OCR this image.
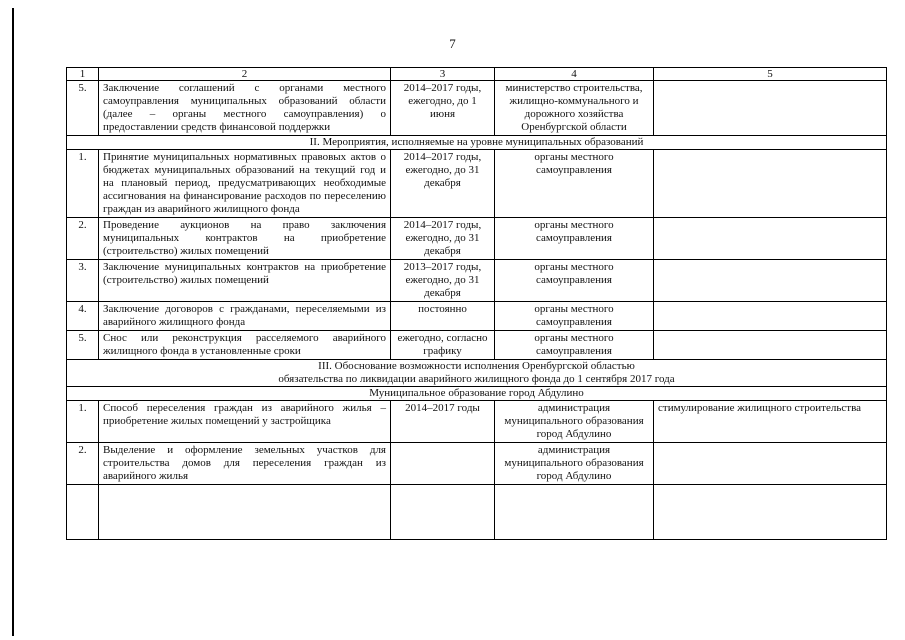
7
1	2	3	4	5
5.	Заключение соглашений с органами местного самоуправления муниципальных образований области (далее – органы местного самоуправления) о предоставлении средств финансовой поддержки	2014–2017 годы, ежегодно, до 1 июня	министерство строительства, жилищно-коммунального и дорожного хозяйства Оренбургской области	

II. Мероприятия, исполняемые на уровне муниципальных образований				

1.	Принятие муниципальных нормативных правовых актов о бюджетах муниципальных образований на текущий год и на плановый период, предусматривающих необходимые ассигнования на финансирование расходов по переселению граждан из аварийного жилищного фонда	2014–2017 годы, ежегодно, до 31 декабря	органы местного самоуправления	
2.	Проведение аукционов на право заключения муниципальных контрактов на приобретение (строительство) жилых помещений	2014–2017 годы, ежегодно, до 31 декабря	органы местного самоуправления	
3.	Заключение муниципальных контрактов на приобретение (строительство) жилых помещений	2013–2017 годы, ежегодно, до 31 декабря	органы местного самоуправления	
4.	Заключение договоров с гражданами, переселяемыми из аварийного жилищного фонда	постоянно	органы местного самоуправления	
5.	Снос или реконструкция расселяемого аварийного жилищного фонда в установленные сроки	ежегодно, согласно графику	органы местного самоуправления	

III. Обоснование возможности исполнения Оренбургской областью
обязательства по ликвидации аварийного жилищного фонда до 1 сентября 2017 года				

Муниципальное образование город Абдулино				

1.	Способ переселения граждан из аварийного жилья – приобретение жилых помещений у застройщика	2014–2017 годы	администрация муниципального образования город Абдулино	стимулирование жилищного строительства
2.	Выделение и оформление земельных участков для строительства домов для переселения граждан из аварийного жилья		администрация муниципального образования город Абдулино	
